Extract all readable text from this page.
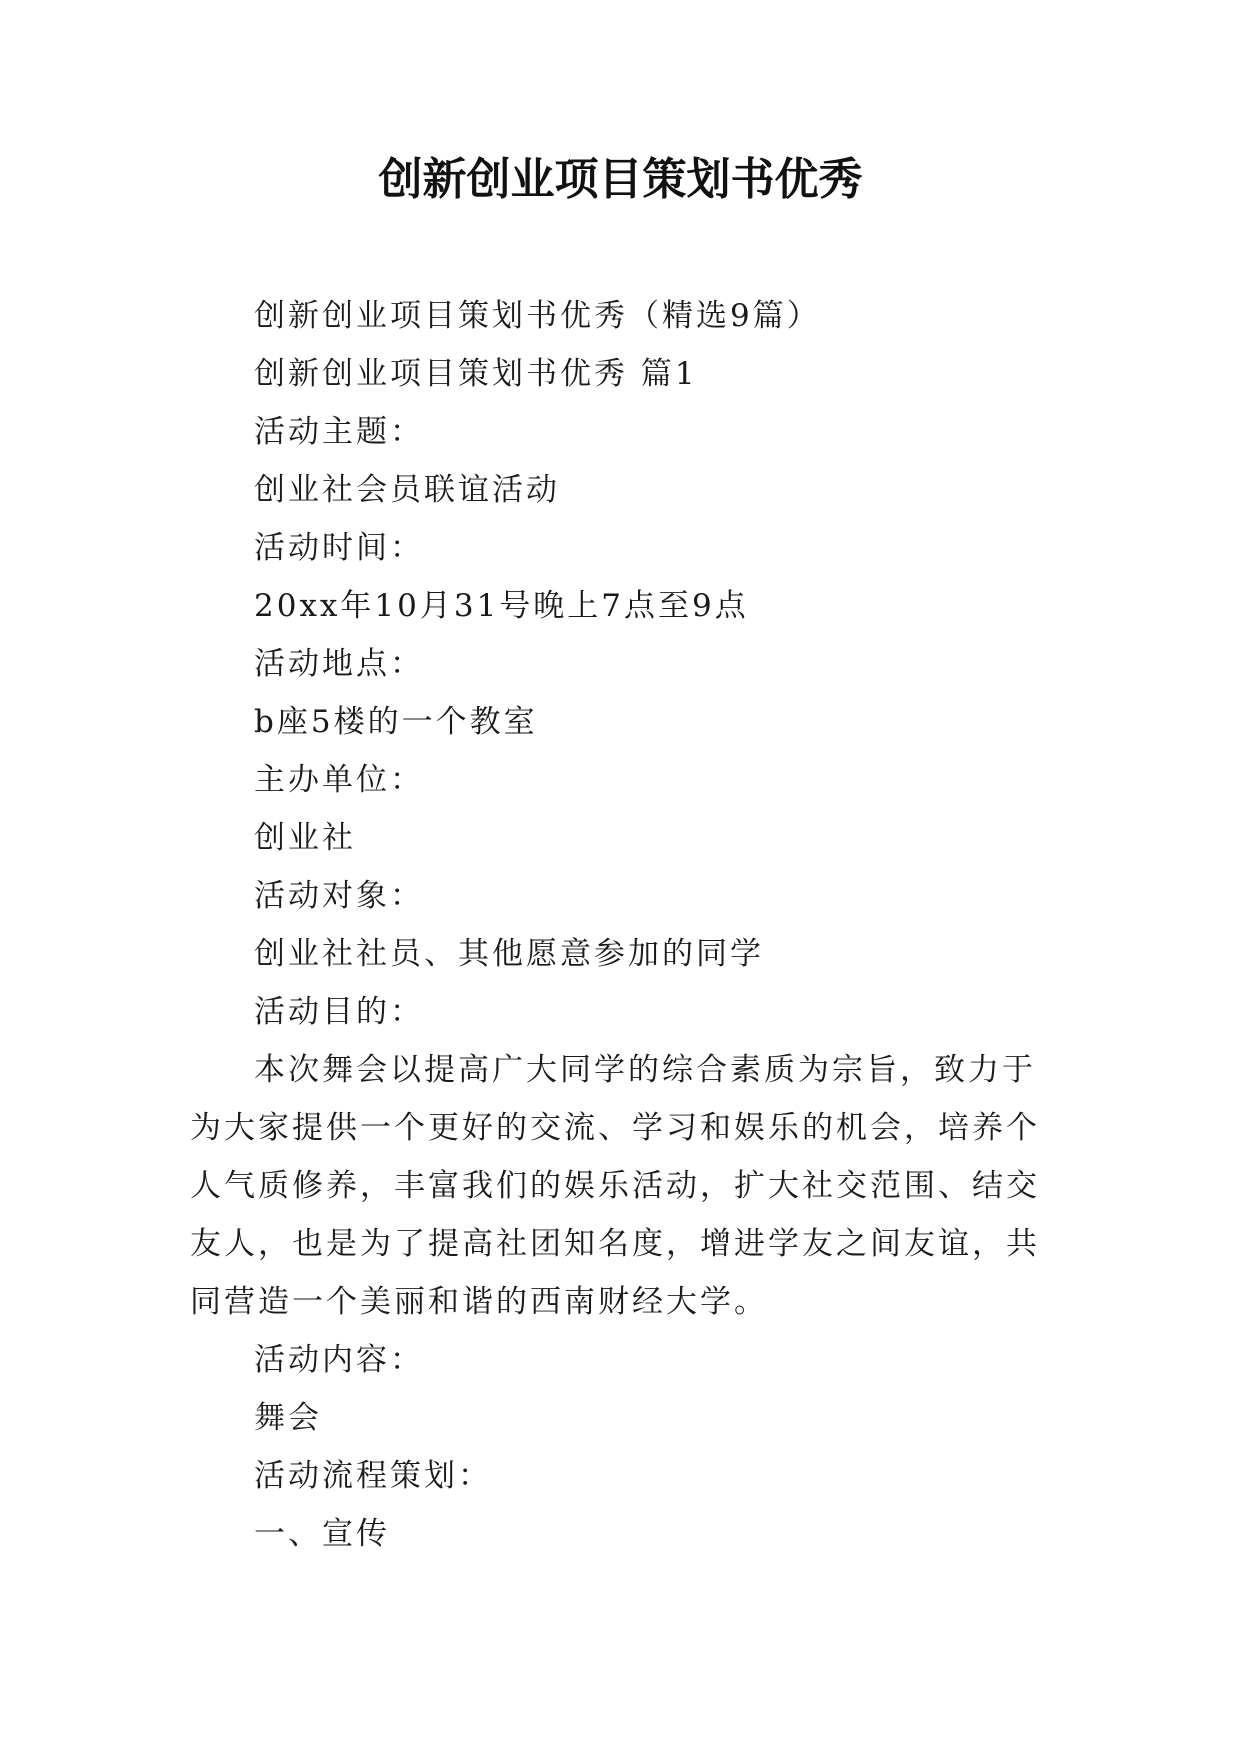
创新创业项目策划书优秀

创新创业项目策划书优秀（精选9篇）

创新创业项目策划书优秀 篇1

活动主题：

创业社会员联谊活动

活动时间：

20xx年10月31号晚上7点至9点

活动地点：

b座5楼的一个教室

主办单位：

创业社

活动对象：

创业社社员、其他愿意参加的同学

活动目的：

本次舞会以提高广大同学的综合素质为宗旨，致力于为大家提供一个更好的交流、学习和娱乐的机会，培养个人气质修养，丰富我们的娱乐活动，扩大社交范围、结交友人，也是为了提高社团知名度，增进学友之间友谊，共同营造一个美丽和谐的西南财经大学。

活动内容：

舞会

活动流程策划：

一、宣传
